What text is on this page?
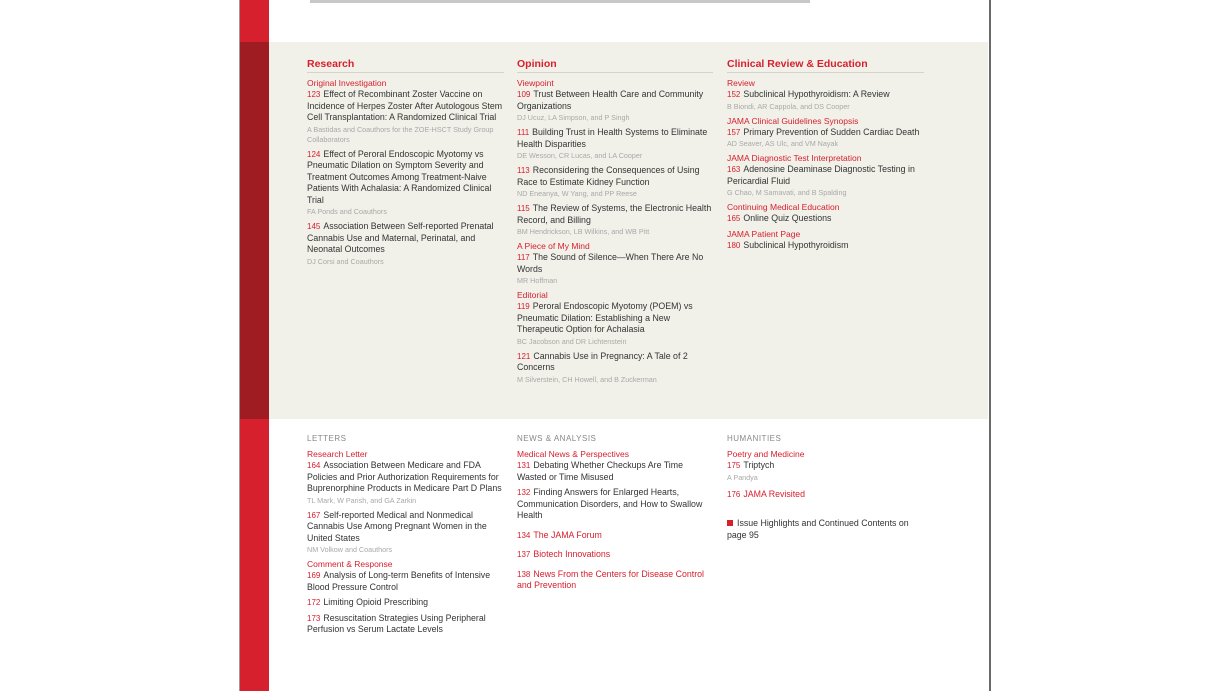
Research
Original Investigation
123 Effect of Recombinant Zoster Vaccine on Incidence of Herpes Zoster After Autologous Stem Cell Transplantation: A Randomized Clinical Trial
A Bastidas and Coauthors for the ZOE-HSCT Study Group Collaborators
124 Effect of Peroral Endoscopic Myotomy vs Pneumatic Dilation on Symptom Severity and Treatment Outcomes Among Treatment-Naive Patients With Achalasia: A Randomized Clinical Trial
FA Ponds and Coauthors
145 Association Between Self-reported Prenatal Cannabis Use and Maternal, Perinatal, and Neonatal Outcomes
DJ Corsi and Coauthors
Opinion
Viewpoint
109 Trust Between Health Care and Community Organizations
DJ Ucuz, LA Simpson, and P Singh
111 Building Trust in Health Systems to Eliminate Health Disparities
DE Wesson, CR Lucas, and LA Cooper
113 Reconsidering the Consequences of Using Race to Estimate Kidney Function
ND Eneanya, W Yang, and PP Reese
115 The Review of Systems, the Electronic Health Record, and Billing
BM Hendrickson, LB Wilkins, and WB Pitt
A Piece of My Mind
117 The Sound of Silence—When There Are No Words
MR Hoffman
Editorial
119 Peroral Endoscopic Myotomy (POEM) vs Pneumatic Dilation: Establishing a New Therapeutic Option for Achalasia
BC Jacobson and DR Lichtenstein
121 Cannabis Use in Pregnancy: A Tale of 2 Concerns
M Silverstein, CH Howell, and B Zuckerman
Clinical Review & Education
Review
152 Subclinical Hypothyroidism: A Review
B Biondi, AR Cappola, and DS Cooper
JAMA Clinical Guidelines Synopsis
157 Primary Prevention of Sudden Cardiac Death
AD Seaver, AS Ulc, and VM Nayak
JAMA Diagnostic Test Interpretation
163 Adenosine Deaminase Diagnostic Testing in Pericardial Fluid
G Chao, M Samavati, and B Spalding
Continuing Medical Education
165 Online Quiz Questions
JAMA Patient Page
180 Subclinical Hypothyroidism
LETTERS
Research Letter
164 Association Between Medicare and FDA Policies and Prior Authorization Requirements for Buprenorphine Products in Medicare Part D Plans
TL Mark, W Parish, and GA Zarkin
167 Self-reported Medical and Nonmedical Cannabis Use Among Pregnant Women in the United States
NM Volkow and Coauthors
Comment & Response
169 Analysis of Long-term Benefits of Intensive Blood Pressure Control
172 Limiting Opioid Prescribing
173 Resuscitation Strategies Using Peripheral Perfusion vs Serum Lactate Levels
NEWS & ANALYSIS
Medical News & Perspectives
131 Debating Whether Checkups Are Time Wasted or Time Misused
132 Finding Answers for Enlarged Hearts, Communication Disorders, and How to Swallow Health
134 The JAMA Forum
137 Biotech Innovations
138 News From the Centers for Disease Control and Prevention
HUMANITIES
Poetry and Medicine
175 Triptych
A Pandya
176 JAMA Revisited
Issue Highlights and Continued Contents on page 95
